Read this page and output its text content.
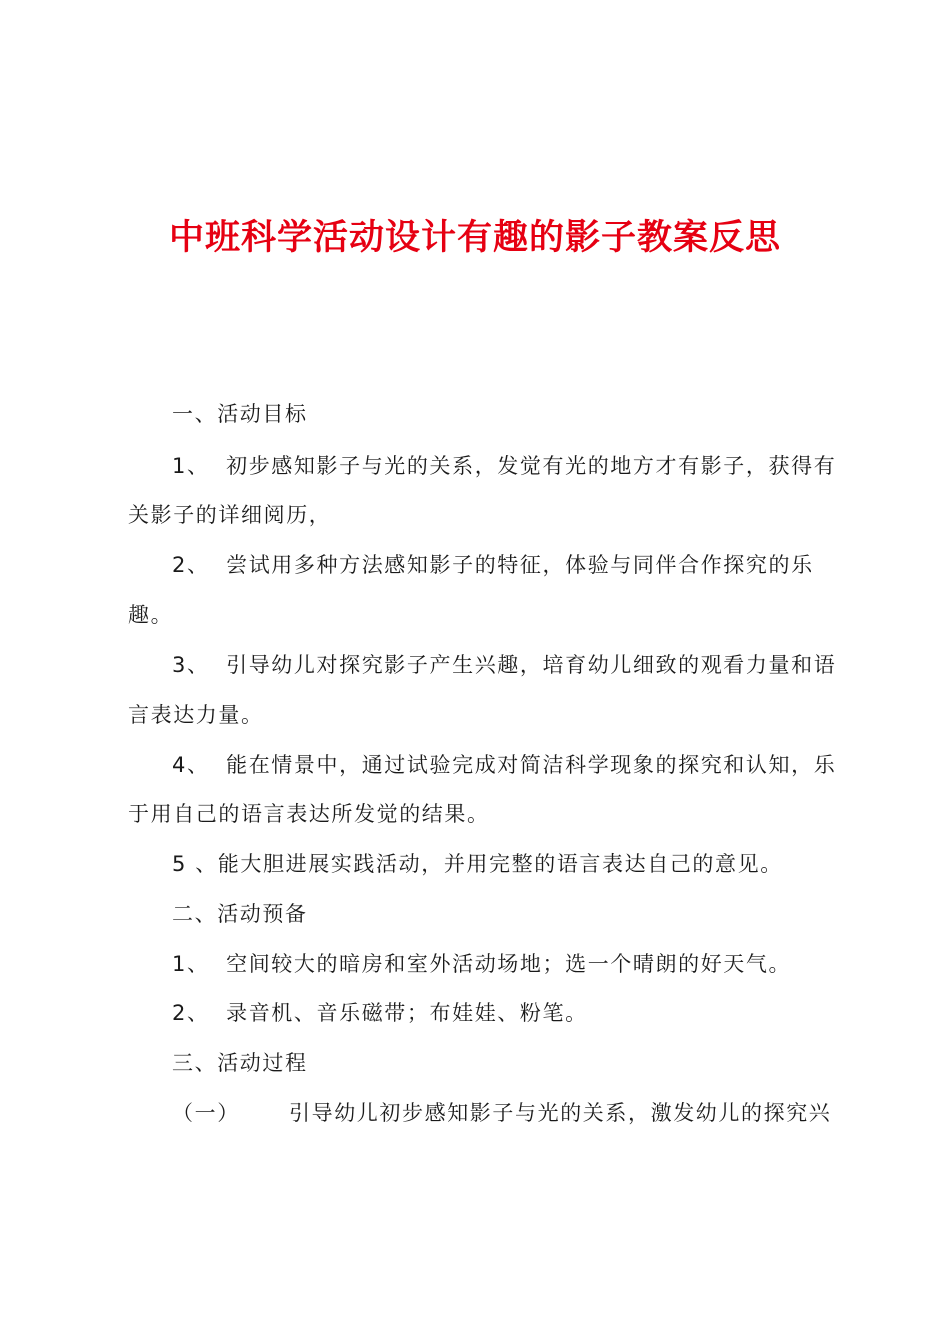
中班科学活动设计有趣的影子教案反思
一、活动目标
1、  初步感知影子与光的关系，发觉有光的地方才有影子，获得有
关影子的详细阅历，
2、  尝试用多种方法感知影子的特征，体验与同伴合作探究的乐
趣。
3、  引导幼儿对探究影子产生兴趣，培育幼儿细致的观看力量和语
言表达力量。
4、  能在情景中，通过试验完成对简洁科学现象的探究和认知，乐
于用自己的语言表达所发觉的结果。
5 、能大胆进展实践活动，并用完整的语言表达自己的意见。
二、活动预备
1、  空间较大的暗房和室外活动场地；选一个晴朗的好天气。
2、  录音机、音乐磁带；布娃娃、粉笔。
三、活动过程
（一） 引导幼儿初步感知影子与光的关系，激发幼儿的探究兴
